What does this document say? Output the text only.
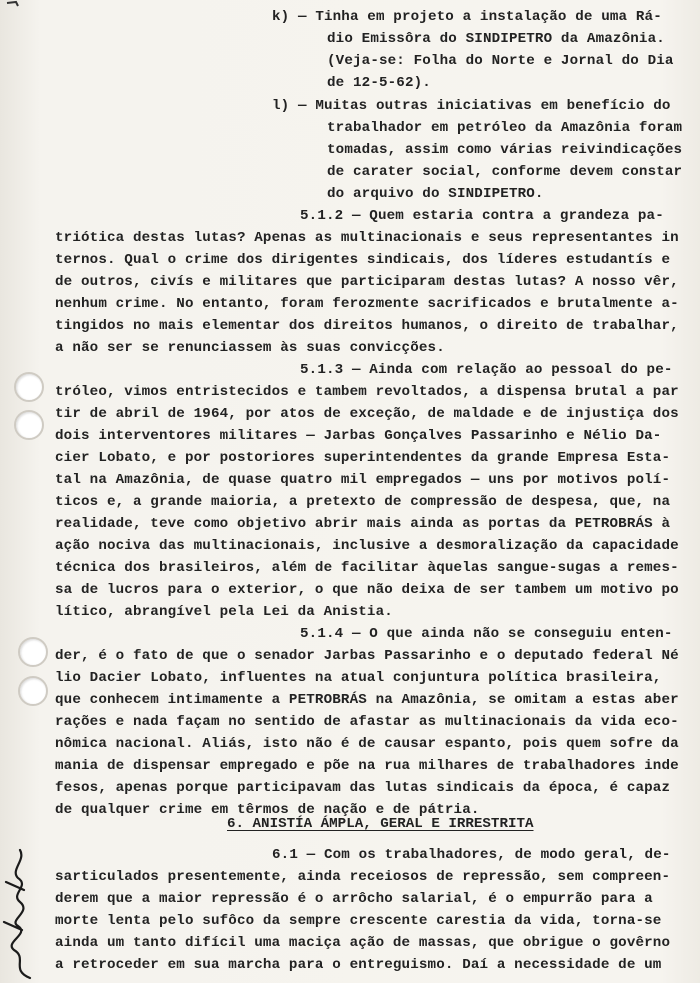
k) — Tinha em projeto a instalação de uma Rá-
dio Emissôra do SINDIPETRO da Amazônia.
(Veja-se: Folha do Norte e Jornal do Dia
de 12-5-62).
l) — Muitas outras iniciativas em benefício do
trabalhador em petróleo da Amazônia foram
tomadas, assim como várias reivindicações
de carater social, conforme devem constar
do arquivo do SINDIPETRO.
5.1.2 — Quem estaria contra a grandeza pa-
triótica destas lutas? Apenas as multinacionais e seus representantes in
ternos. Qual o crime dos dirigentes sindicais, dos líderes estudantís e
de outros, civís e militares que participaram destas lutas? A nosso vêr,
nenhum crime. No entanto, foram ferozmente sacrificados e brutalmente a-
tingidos no mais elementar dos direitos humanos, o direito de trabalhar,
a não ser se renunciassem às suas convicções.
5.1.3 — Ainda com relação ao pessoal do pe-
tróleo, vimos entristecidos e tambem revoltados, a dispensa brutal a par
tir de abril de 1964, por atos de exceção, de maldade e de injustiça dos
dois interventores militares — Jarbas Gonçalves Passarinho e Nélio Da-
cier Lobato, e por postoriores superintendentes da grande Empresa Esta-
tal na Amazônia, de quase quatro mil empregados — uns por motivos polí-
ticos e, a grande maioria, a pretexto de compressão de despesa, que, na
realidade, teve como objetivo abrir mais ainda as portas da PETROBRÁS à
ação nociva das multinacionais, inclusive a desmoralização da capacidade
técnica dos brasileiros, além de facilitar àquelas sangue-sugas a remes-
sa de lucros para o exterior, o que não deixa de ser tambem um motivo po
lítico, abrangível pela Lei da Anistia.
5.1.4 — O que ainda não se conseguiu enten-
der, é o fato de que o senador Jarbas Passarinho e o deputado federal Né
lio Dacier Lobato, influentes na atual conjuntura política brasileira,
que conhecem intimamente a PETROBRÁS na Amazônia, se omitam a estas aber
rações e nada façam no sentido de afastar as multinacionais da vida eco-
nômica nacional. Aliás, isto não é de causar espanto, pois quem sofre da
mania de dispensar empregado e põe na rua milhares de trabalhadores inde
fesos, apenas porque participavam das lutas sindicais da época, é capaz
de qualquer crime em têrmos de nação e de pátria.
6. ANISTÍA ÁMPLA, GERAL E IRRESTRITA
6.1 — Com os trabalhadores, de modo geral, de-
sarticulados presentemente, ainda receiosos de repressão, sem compreen-
derem que a maior repressão é o arrôcho salarial, é o empurrão para a
morte lenta pelo sufôco da sempre crescente carestia da vida, torna-se
ainda um tanto difícil uma maciça ação de massas, que obrigue o govêrno
a retroceder em sua marcha para o entreguismo. Daí a necessidade de um
